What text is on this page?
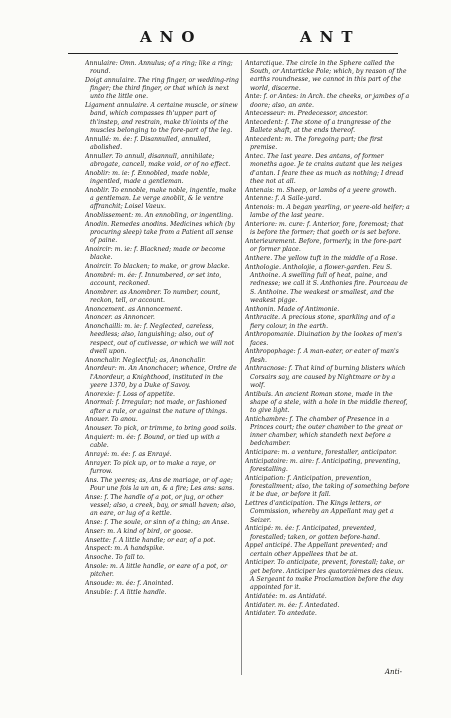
ANO	ANT
Annulaire: Omn. Annulus; of a ring; like a ring; round.
Doigt annulaire. The ring finger, or wedding-ring finger; the third finger, or that which is next unto the little one.
Ligament annulaire. A certaine muscle, or sinew band, which compasses th'upper part of th'instep, and restrain, make th'ioints of the muscles belonging to the fore-part of the leg.
Annullé: m. ée: f. Disannulled, annulled, abolished.
Annuller. To annull, disannull, annihilate; abrogate, cancell, make void, or of no effect.
Anoblir: m. ie: f. Ennobled, made noble, ingentled, made a gentleman.
Anoblir. To ennoble, make noble, ingentle, make a gentleman. Le verge anoblit, & le ventre affranchit; Loisel Vaeux.
Anoblissement: m. An ennobling, or ingentling.
Anodin. Remedes anodins. Medicines which (by procuring sleep) take from a Patient all sense of paine.
Anoircir: m. ie: f. Blackned; made or become blacke.
Anoircir. To blacken; to make, or grow blacke.
Anombré: m. ée: f. Innumbered, or set into, account, reckoned.
Anombrer. as Anombrer. To number, count, reckon, tell, or account.
Anoncement. as Annoncement.
Anoncer. as Annoncer.
Anonchailli: m. ie: f. Neglected, careless, heedless; also, languishing; also, out of respect, out of cutivesse, or which we will not dwell upon.
Anonchalir. Neglectful; as, Anonchalir.
Anordeur: m. An Anonchacer; whence, Ordre de l'Anordeur, a Knighthood, instituted in the yeere 1370, by a Duke of Savoy.
Anorexie: f. Loss of appetite.
Anormal: f. Irregular; not made, or fashioned after a rule, or against the nature of things.
Anouer. To anou.
Anouser. To pick, or trimme, to bring good soils.
Anquiert: m. ée: f. Bound, or tied up with a cable.
Anrayé: m. ée: f. as Enrayé.
Anrayer. To pick up, or to make a raye, or furrow.
Ans. The yeeres; as, Ans de mariage, or of age; Pour une fois la un an, & a fire; Les ans: sans.
Anse: f. The handle of a pot, or jug, or other vessel; also, a creek, bay, or small haven; also, an eare, or lug of a kettle.
Anse: f. The soule, or sinn of a thing; an Anse.
Anser: m. A kind of bird, or goose.
Ansette: f. A little handle; or ear, of a pot.
Anspect: m. A handspike.
Ansoche. To fall to.
Ansole: m. A little handle, or eare of a pot, or pitcher.
Ansoude: m. ée: f. Anointed.
Ansuble: f. A little handle.
Antarctique. The circle in the Sphere called the South, or Antarticke Pole; which, by reason of the earths roundnesse, we cannot in this part of the world, discerne.
Ante: f. or Antes: in Arch. the cheeks, or jambes of a doore; also, an ante.
Antecesseur: m. Predecessor, ancestor.
Antecedent: f. The stone of a trangresse of the Ballete shaft, at the ends thereof.
Antecedent: m. The foregoing part; the first premise.
Antec. The last yeare. Des antans, of former moneths agoe. Je te crains autant que les neiges d'antan. I feare thee as much as nothing; I dread thee not at all.
Antenais: m. Sheep, or lambs of a yeere growth.
Antenne: f. A Saile-yard.
Antenois: m. A began yearling, or yeere-old heifer; a lambe of the last yeare.
Anteriore: m. cure: f. Anterior, fore, foremost; that is before the former; that goeth or is set before.
Anterieurement. Before, formerly, in the fore-part or former place.
Anthere. The yellow tuft in the middle of a Rose.
Anthologie. Antholojie, a flower-garden. Feu S. Anthoine. A swelling full of heat, paine, and rednesse; we call it S. Anthonies fire. Pourceau de S. Anthoine. The weakest or smallest, and the weakest pigge.
Anthonin. Made of Antimonie.
Anthracite. A precious stone, sparkling and of a fiery colour, in the earth.
Anthropomanie. Diuination by the lookes of men's faces.
Anthropophage: f. A man-eater, or eater of man's flesh.
Anthracnose: f. That kind of burning blisters which Corsairs say, are caused by Nightmare or by a wolf.
Antibuls. An ancient Roman stone, made in the shape of a stele, with a hole in the middle thereof, to give light.
Antichambre: f. The chamber of Presence in a Princes court; the outer chamber to the great or inner chamber, which standeth next before a bedchamber.
Anticipare: m. a venture, forestaller, anticipator.
Anticipatoire: m. aire: f. Anticipating, preventing, forestalling.
Anticipation: f. Anticipation, prevention, forestallment; also, the taking of something before it be due, or before it fall.
Lettres d'anticipation. The Kings letters, or Commission, whereby an Appellant may get a Seizer.
Anticipé: m. ée: f. Anticipated, prevented, forestalled; taken, or gotten before-hand.
Appel anticipé. The Appellant prevented; and certain other Appellees that be at.
Anticiper. To anticipate, prevent, forestall; take, or get before. Anticiper les quatorzièmes des cieux. A Sergeant to make Proclamation before the day appointed for it.
Antidatée: m. as Antidaté.
Antidater. m. ée: f. Antedated.
Antidater. To antedate.
Anti-
